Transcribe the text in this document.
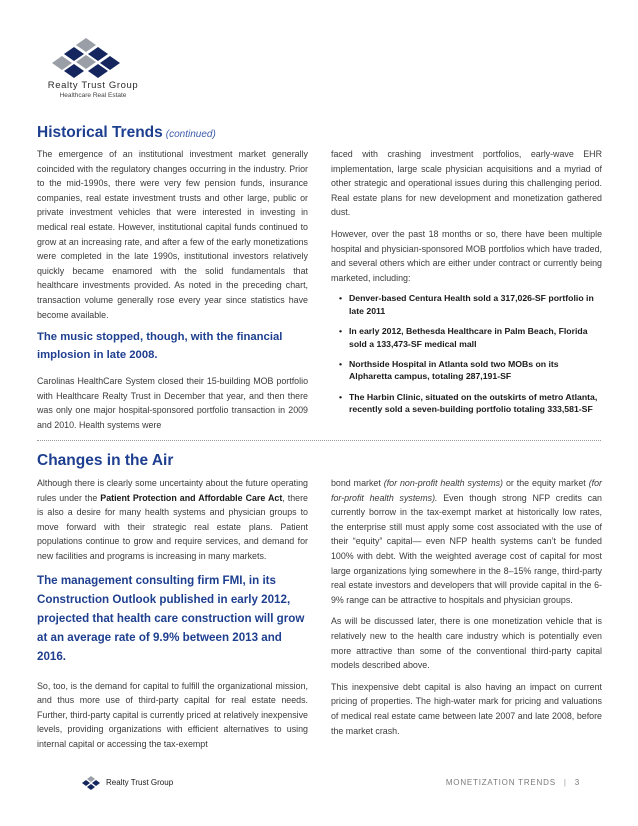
Realty Trust Group
Healthcare Real Estate
Historical Trends (continued)

The emergence of an institutional investment market generally coincided with the regulatory changes occurring in the industry. Prior to the mid-1990s, there were very few pension funds, insurance companies, real estate investment trusts and other large, public or private investment vehicles that were interested in investing in medical real estate. However, institutional capital funds continued to grow at an increasing rate, and after a few of the early monetizations were completed in the late 1990s, institutional investors relatively quickly became enamored with the solid fundamentals that healthcare investments provided. As noted in the preceding chart, transaction volume generally rose every year since statistics have become available.

The music stopped, though, with the financial implosion in late 2008.

Carolinas HealthCare System closed their 15-building MOB portfolio with Healthcare Realty Trust in December that year, and then there was only one major hospital-sponsored portfolio transaction in 2009 and 2010. Health systems were

faced with crashing investment portfolios, early-wave EHR implementation, large scale physician acquisitions and a myriad of other strategic and operational issues during this challenging period. Real estate plans for new development and monetization gathered dust.

However, over the past 18 months or so, there have been multiple hospital and physician-sponsored MOB portfolios which have traded, and several others which are either under contract or currently being marketed, including:

• Denver-based Centura Health sold a 317,026-SF portfolio in late 2011
• In early 2012, Bethesda Healthcare in Palm Beach, Florida sold a 133,473-SF medical mall
• Northside Hospital in Atlanta sold two MOBs on its Alpharetta campus, totaling 287,191-SF
• The Harbin Clinic, situated on the outskirts of metro Atlanta, recently sold a seven-building portfolio totaling 333,581-SF
Changes in the Air

Although there is clearly some uncertainty about the future operating rules under the Patient Protection and Affordable Care Act, there is also a desire for many health systems and physician groups to move forward with their strategic real estate plans. Patient populations continue to grow and require services, and demand for new facilities and programs is increasing in many markets.

The management consulting firm FMI, in its Construction Outlook published in early 2012, projected that health care construction will grow at an average rate of 9.9% between 2013 and 2016.

So, too, is the demand for capital to fulfill the organizational mission, and thus more use of third-party capital for real estate needs. Further, third-party capital is currently priced at relatively inexpensive levels, providing organizations with efficient alternatives to using internal capital or accessing the tax-exempt

bond market (for non-profit health systems) or the equity market (for for-profit health systems). Even though strong NFP credits can currently borrow in the tax-exempt market at historically low rates, the enterprise still must apply some cost associated with the use of their “equity” capital— even NFP health systems can’t be funded 100% with debt. With the weighted average cost of capital for most large organizations lying somewhere in the 8–15% range, third-party real estate investors and developers that will provide capital in the 6-9% range can be attractive to hospitals and physician groups.

As will be discussed later, there is one monetization vehicle that is relatively new to the health care industry which is potentially even more attractive than some of the conventional third-party capital models described above.

This inexpensive debt capital is also having an impact on current pricing of properties. The high-water mark for pricing and valuations of medical real estate came between late 2007 and late 2008, before the market crash.

Realty Trust Group	MONETIZATION TRENDS | 3
